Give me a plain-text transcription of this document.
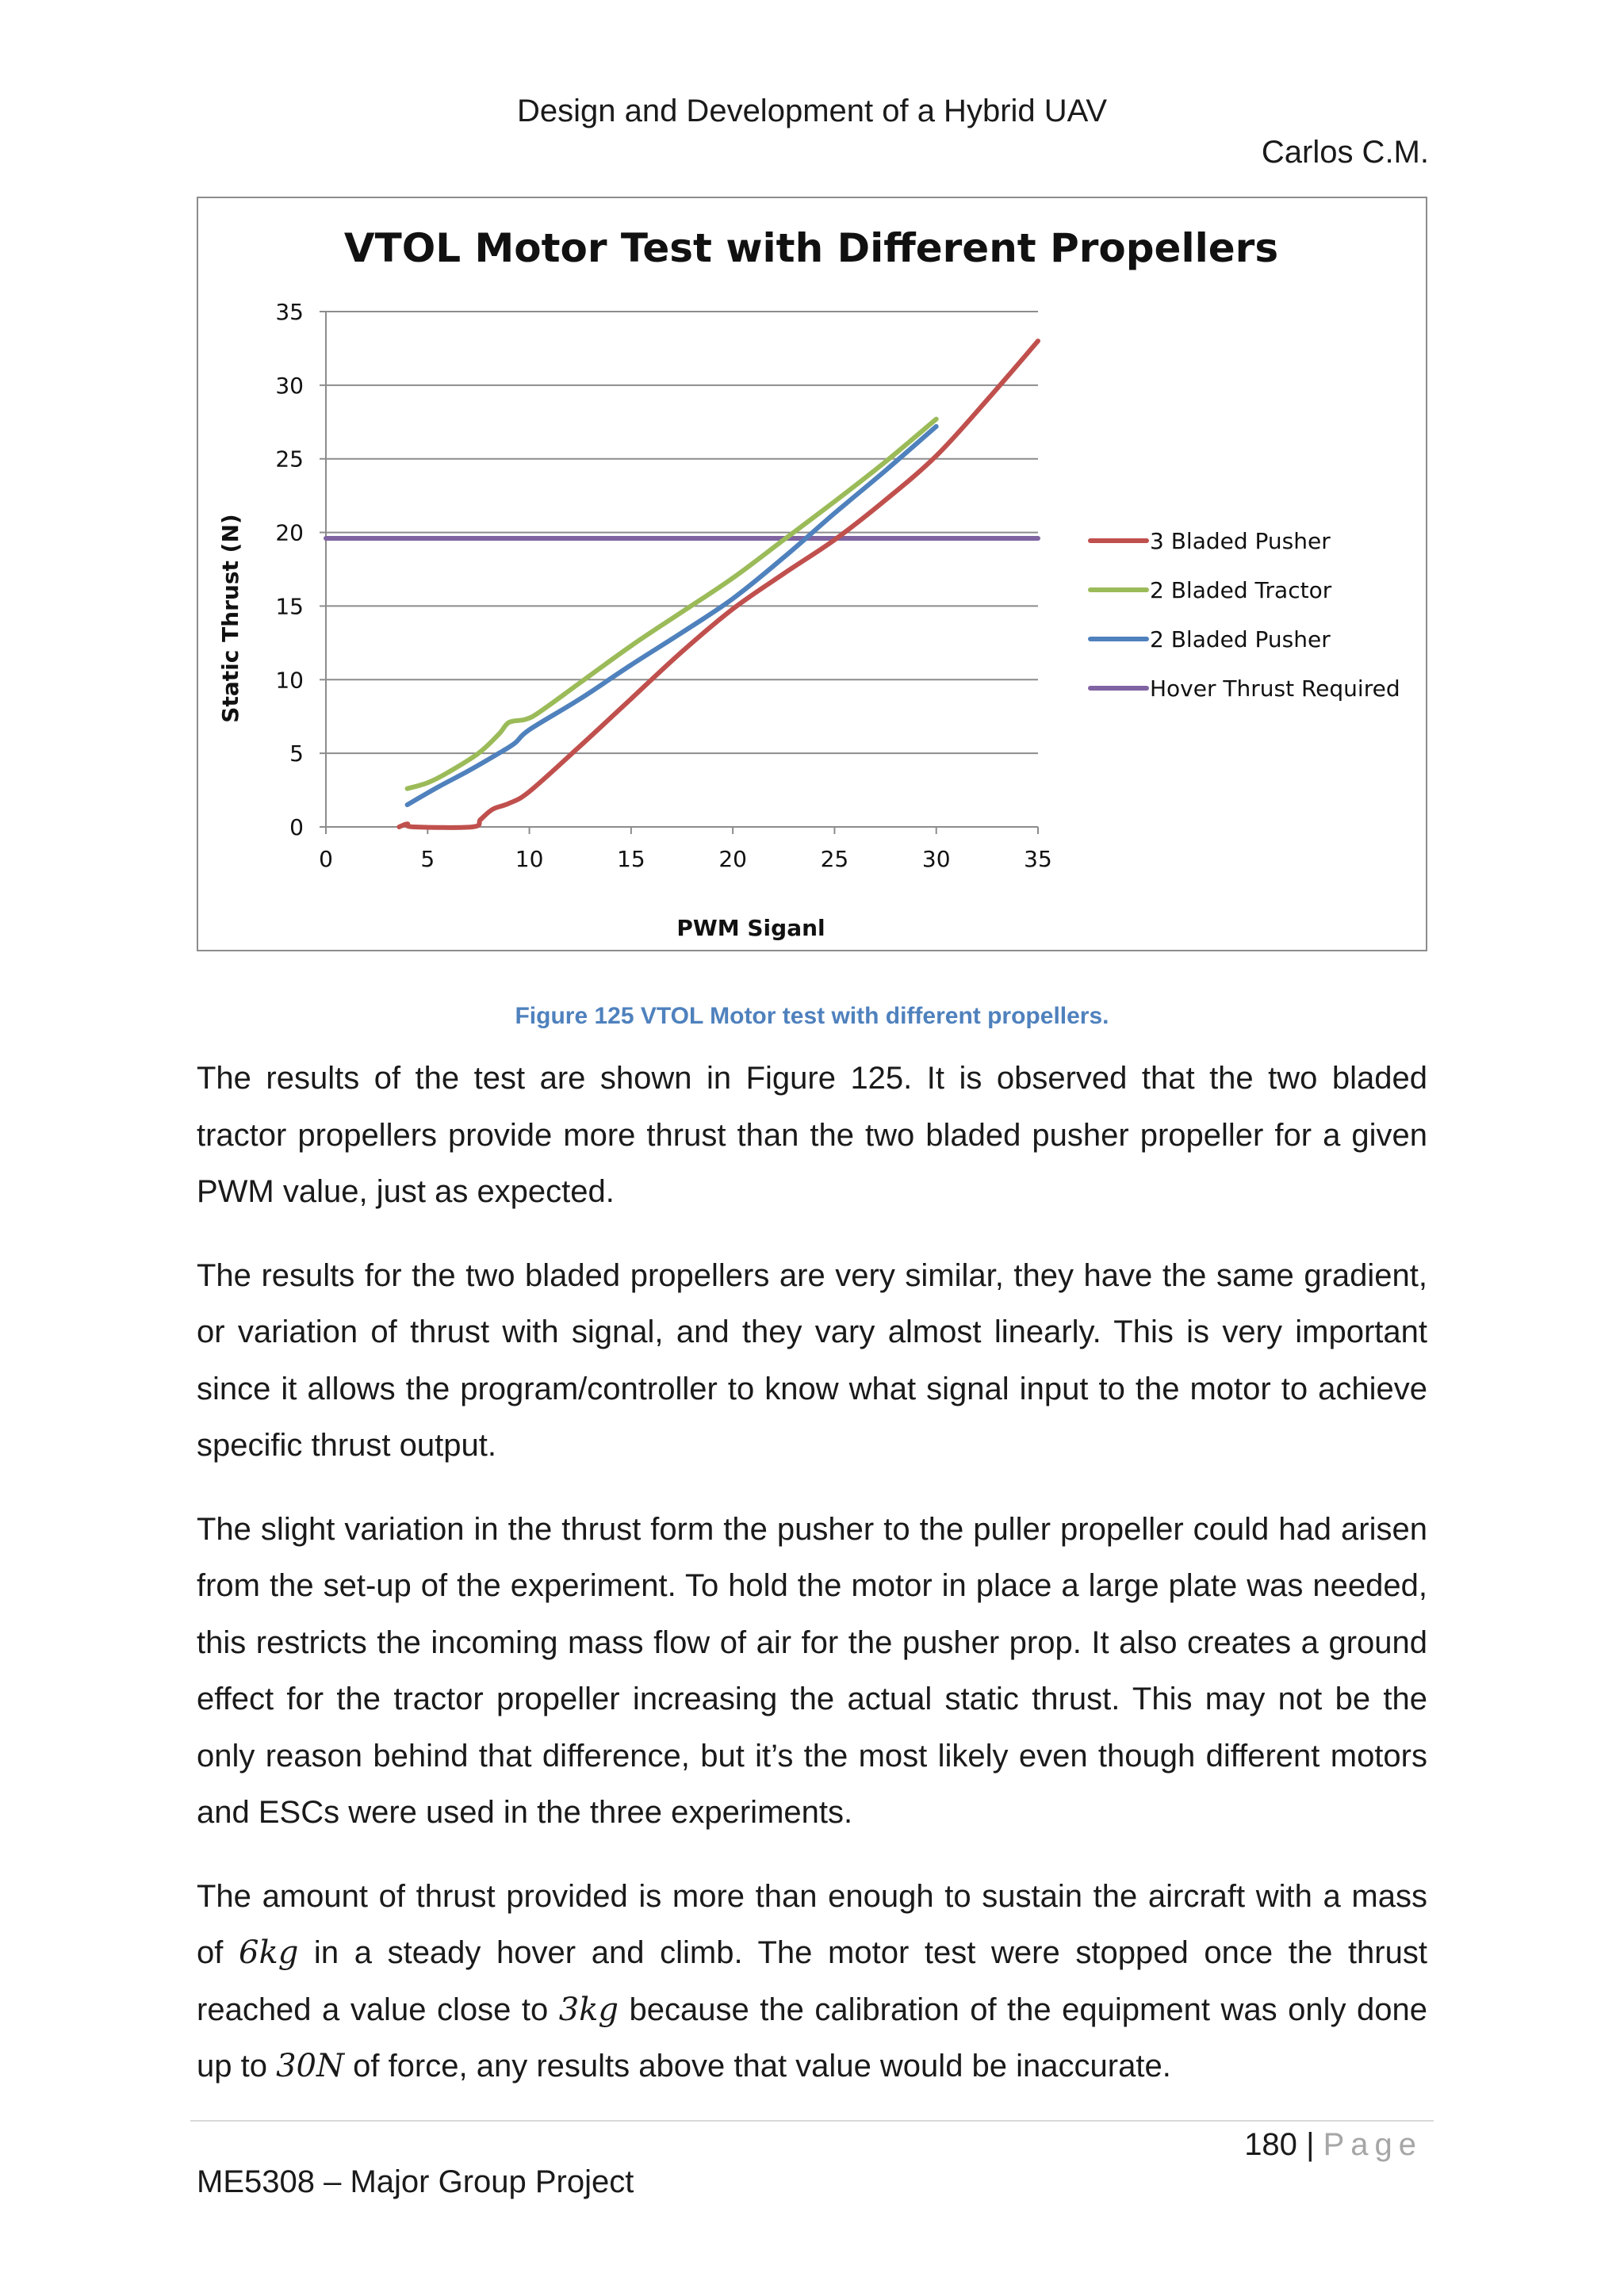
Design and Development of a Hybrid UAV
Carlos C.M.
VTOL Motor Test with Different Propellers
0
5
10
15
20
25
30
35
0	5	10	15	20	25	30	35
Static Thrust (N)
PWM Siganl
3 Bladed Pusher
2 Bladed Tractor
2 Bladed Pusher
Hover Thrust Required
Figure 125 VTOL Motor test with different propellers.

The results of the test are shown in Figure 125. It is observed that the two bladed tractor propellers provide more thrust than the two bladed pusher propeller for a given PWM value, just as expected.

The results for the two bladed propellers are very similar, they have the same gradient, or variation of thrust with signal, and they vary almost linearly. This is very important since it allows the program/controller to know what signal input to the motor to achieve specific thrust output.

The slight variation in the thrust form the pusher to the puller propeller could had arisen from the set-up of the experiment. To hold the motor in place a large plate was needed, this restricts the incoming mass flow of air for the pusher prop. It also creates a ground effect for the tractor propeller increasing the actual static thrust. This may not be the only reason behind that difference, but it’s the most likely even though different motors and ESCs were used in the three experiments.

The amount of thrust provided is more than enough to sustain the aircraft with a mass of 6kg in a steady hover and climb. The motor test were stopped once the thrust reached a value close to 3kg because the calibration of the equipment was only done up to 30N of force, any results above that value would be inaccurate.

180 | Page
ME5308 – Major Group Project
